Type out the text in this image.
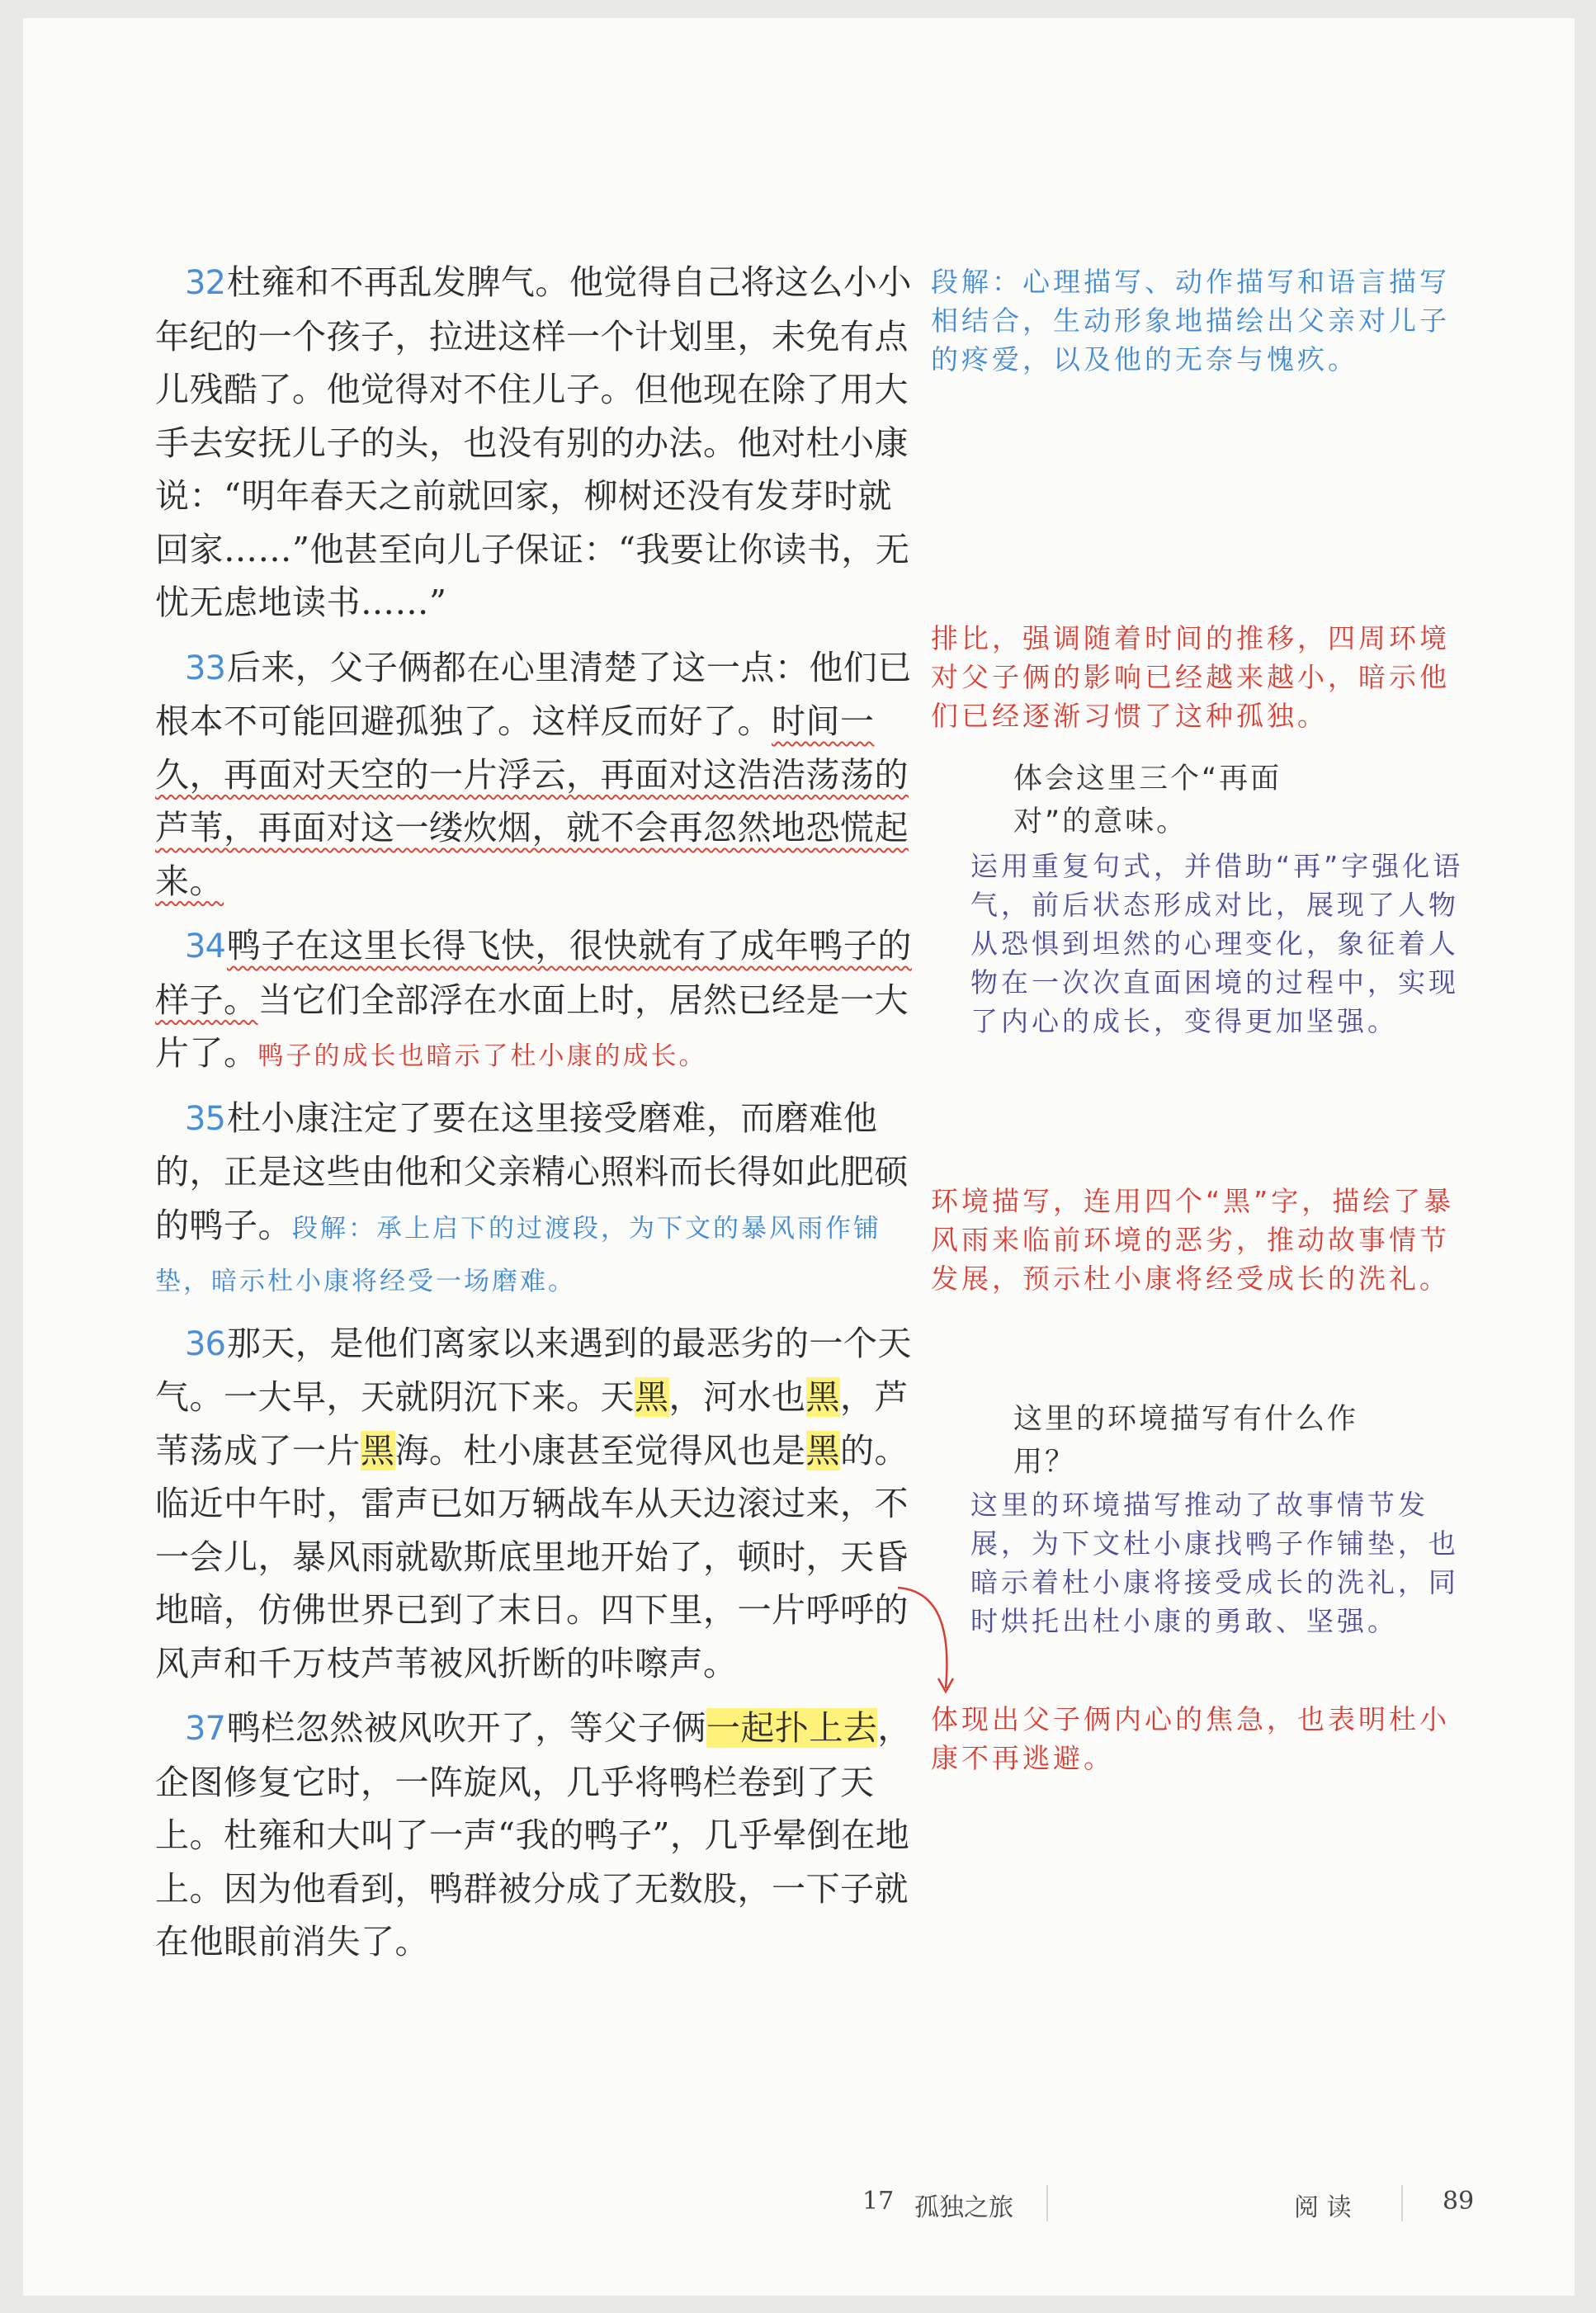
32杜雍和不再乱发脾气。他觉得自己将这么小小年纪的一个孩子，拉进这样一个计划里，未免有点儿残酷了。他觉得对不住儿子。但他现在除了用大手去安抚儿子的头，也没有别的办法。他对杜小康说：“明年春天之前就回家，柳树还没有发芽时就回家……”他甚至向儿子保证：“我要让你读书，无忧无虑地读书……”

33后来，父子俩都在心里清楚了这一点：他们已根本不可能回避孤独了。这样反而好了。时间一久，再面对天空的一片浮云，再面对这浩浩荡荡的芦苇，再面对这一缕炊烟，就不会再忽然地恐慌起来。

34鸭子在这里长得飞快，很快就有了成年鸭子的样子。当它们全部浮在水面上时，居然已经是一大片了。鸭子的成长也暗示了杜小康的成长。

35杜小康注定了要在这里接受磨难，而磨难他的，正是这些由他和父亲精心照料而长得如此肥硕的鸭子。段解：承上启下的过渡段，为下文的暴风雨作铺垫，暗示杜小康将经受一场磨难。

36那天，是他们离家以来遇到的最恶劣的一个天气。一大早，天就阴沉下来。天黑，河水也黑，芦苇荡成了一片黑海。杜小康甚至觉得风也是黑的。临近中午时，雷声已如万辆战车从天边滚过来，不一会儿，暴风雨就歇斯底里地开始了，顿时，天昏地暗，仿佛世界已到了末日。四下里，一片呼呼的风声和千万枝芦苇被风折断的咔嚓声。

37鸭栏忽然被风吹开了，等父子俩一起扑上去，企图修复它时，一阵旋风，几乎将鸭栏卷到了天上。杜雍和大叫了一声“我的鸭子”，几乎晕倒在地上。因为他看到，鸭群被分成了无数股，一下子就在他眼前消失了。

段解：心理描写、动作描写和语言描写相结合，生动形象地描绘出父亲对儿子的疼爱，以及他的无奈与愧疚。

排比，强调随着时间的推移，四周环境对父子俩的影响已经越来越小，暗示他们已经逐渐习惯了这种孤独。

体会这里三个“再面对”的意味。

运用重复句式，并借助“再”字强化语气，前后状态形成对比，展现了人物从恐惧到坦然的心理变化，象征着人物在一次次直面困境的过程中，实现了内心的成长，变得更加坚强。

环境描写，连用四个“黑”字，描绘了暴风雨来临前环境的恶劣，推动故事情节发展，预示杜小康将经受成长的洗礼。

这里的环境描写有什么作用？

这里的环境描写推动了故事情节发展，为下文杜小康找鸭子作铺垫，也暗示着杜小康将接受成长的洗礼，同时烘托出杜小康的勇敢、坚强。

体现出父子俩内心的焦急，也表明杜小康不再逃避。

17 孤独之旅	阅 读	89
